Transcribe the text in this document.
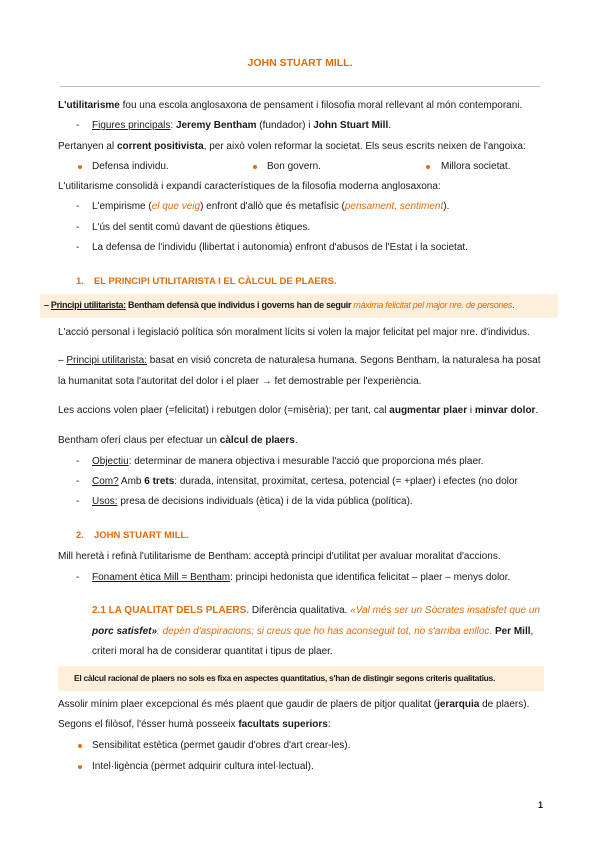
JOHN STUART MILL.
L'utilitarisme fou una escola anglosaxona de pensament i filosofia moral rellevant al món contemporani.
- Figures principals: Jeremy Bentham (fundador) i John Stuart Mill.
Pertanyen al corrent positivista, per això volen reformar la societat. Els seus escrits neixen de l'angoixa:
Defensa individu.	Bon govern.	Millora societat.
L'utilitarisme consolidà i expandí característiques de la filosofia moderna anglosaxona:
- L'empirisme (el que veig) enfront d'allò que és metafísic (pensament, sentiment).
- L'ús del sentit comú davant de qüestions ètiques.
- La defensa de l'individu (llibertat i autonomia) enfront d'abusos de l'Estat i la societat.
1. EL PRINCIPI UTILITARISTA I EL CÀLCUL DE PLAERS.
– Principi utilitarista: Bentham defensà que individus i governs han de seguir màxima felicitat pel major nre. de persones.
L'acció personal i legislació política són moralment lícits si volen la major felicitat pel major nre. d'individus.
– Principi utilitarista: basat en visió concreta de naturalesa humana. Segons Bentham, la naturalesa ha posat
la humanitat sota l'autoritat del dolor i el plaer → fet demostrable per l'experiència.
Les accions volen plaer (=felicitat) i rebutgen dolor (=misèria); per tant, cal augmentar plaer i minvar dolor.
Bentham oferí claus per efectuar un càlcul de plaers.
- Objectiu: determinar de manera objectiva i mesurable l'acció que proporciona més plaer.
- Com? Amb 6 trets: durada, intensitat, proximitat, certesa, potencial (= +plaer) i efectes (no dolor
- Usos: presa de decisions individuals (ètica) i de la vida pública (política).
2. JOHN STUART MILL.
Mill heretà i refinà l'utilitarisme de Bentham: acceptà principi d'utilitat per avaluar moralitat d'accions.
- Fonament ètica Mill = Bentham: principi hedonista que identifica felicitat – plaer – menys dolor.
2.1 LA QUALITAT DELS PLAERS. Diferència qualitativa. «Val més ser un Sòcrates insatisfet que un
porc satisfet»: depèn d'aspiracions; si creus que ho has aconseguit tot, no s'arriba enlloc. Per Mill,
criteri moral ha de considerar quantitat i tipus de plaer.
El càlcul racional de plaers no sols es fixa en aspectes quantitatius, s'han de distingir segons criteris qualitatius.
Assolir mínim plaer excepcional és més plaent que gaudir de plaers de pitjor qualitat (jerarquia de plaers).
Segons el filòsof, l'ésser humà posseeix facultats superiors:
Sensibilitat estètica (permet gaudir d'obres d'art crear-les).
Intel·ligència (permet adquirir cultura intel·lectual).
1
